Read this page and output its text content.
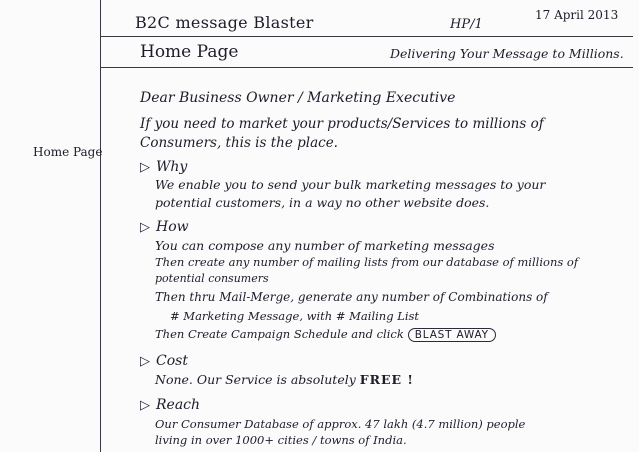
B2C message Blaster	HP/1
17 April 2013
Home Page	Delivering Your Message to Millions.
Home Page
Dear Business Owner / Marketing Executive
If you need to market your products/Services to millions of
Consumers, this is the place.
▷ Why
We enable you to send your bulk marketing messages to your
potential customers, in a way no other website does.
▷ How
You can compose any number of marketing messages
Then create any number of mailing lists from our database of millions of
potential consumers
Then thru Mail-Merge, generate any number of Combinations of
# Marketing Message, with # Mailing List
Then Create Campaign Schedule and click BLAST AWAY
▷ Cost
None. Our Service is absolutely FREE !
▷ Reach
Our Consumer Database of approx. 47 lakh (4.7 million) people
living in over 1000+ cities / towns of India.
